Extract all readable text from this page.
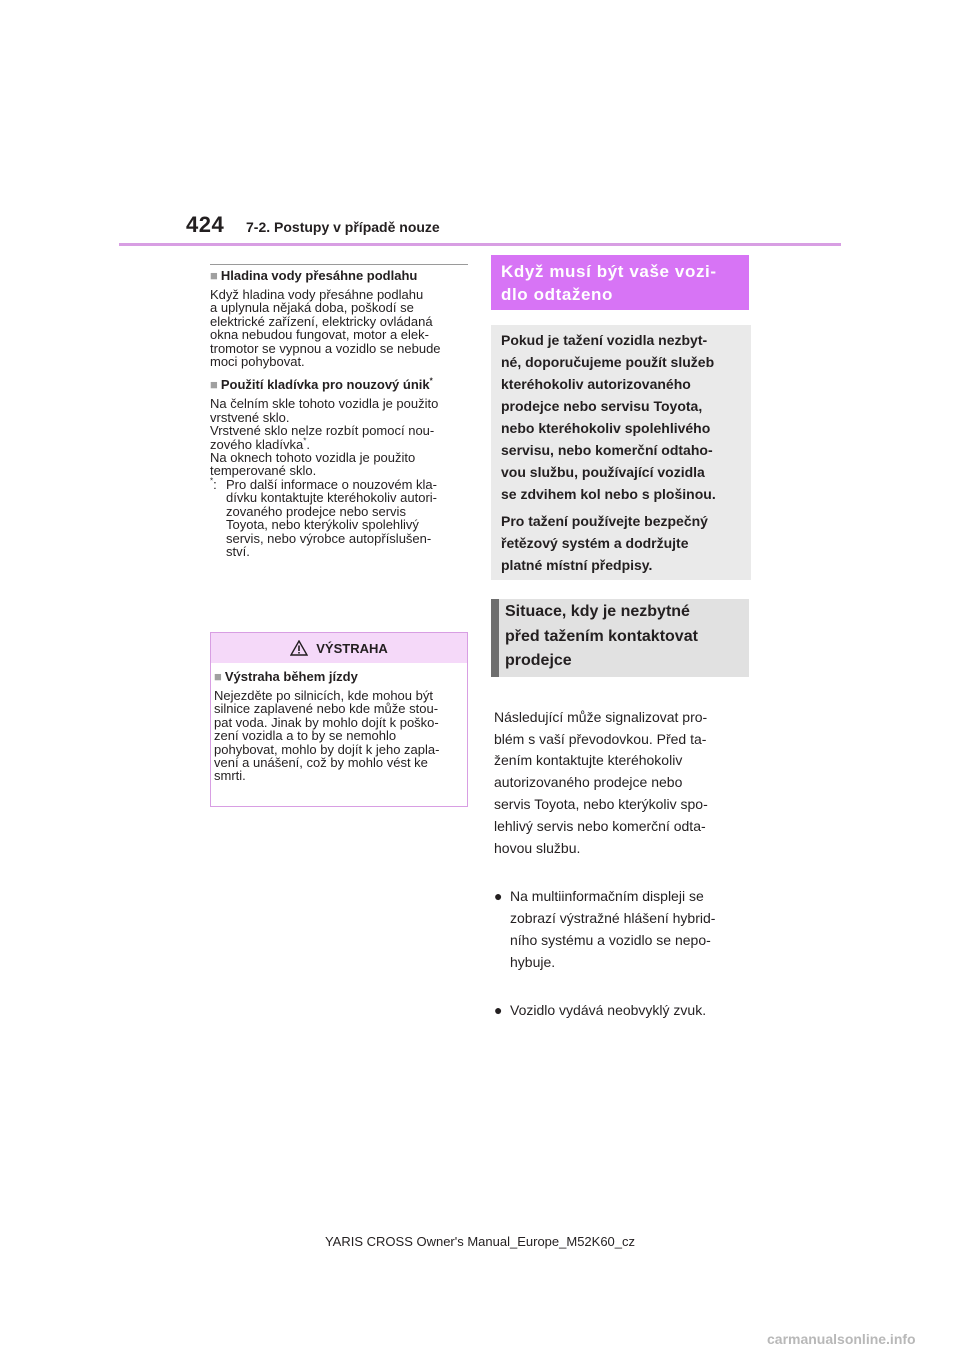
424 7-2. Postupy v případě nouze
■ Hladina vody přesáhne podlahu

Když hladina vody přesáhne podlahu
a uplynula nějaká doba, poškodí se
elektrické zařízení, elektricky ovládaná
okna nebudou fungovat, motor a elek-
tromotor se vypnou a vozidlo se nebude
moci pohybovat.

■ Použití kladívka pro nouzový únik*

Na čelním skle tohoto vozidla je použito
vrstvené sklo.

Vrstvené sklo nelze rozbít pomocí nou-
zového kladívka*.

Na oknech tohoto vozidla je použito
temperované sklo.

*: Pro další informace o nouzovém kla-
dívku kontaktujte kteréhokoliv autori-
zovaného prodejce nebo servis
Toyota, nebo kterýkoliv spolehlivý
servis, nebo výrobce autopříslušen-
ství.
VÝSTRAHA
■ Výstraha během jízdy

Nejezděte po silnicích, kde mohou být
silnice zaplavené nebo kde může stou-
pat voda. Jinak by mohlo dojít k poško-
zení vozidla a to by se nemohlo
pohybovat, mohlo by dojít k jeho zapla-
vení a unášení, což by mohlo vést ke
smrti.

Když musí být vaše vozi-
dlo odtaženo

Pokud je tažení vozidla nezbyt-
né, doporučujeme použít služeb
kteréhokoliv autorizovaného
prodejce nebo servisu Toyota,
nebo kteréhokoliv spolehlivého
servisu, nebo komerční odtaho-
vou službu, používající vozidla
se zdvihem kol nebo s plošinou.

Pro tažení používejte bezpečný
řetězový systém a dodržujte
platné místní předpisy.

Situace, kdy je nezbytné
před tažením kontaktovat
prodejce

Následující může signalizovat pro-
blém s vaší převodovkou. Před ta-
žením kontaktujte kteréhokoliv
autorizovaného prodejce nebo
servis Toyota, nebo kterýkoliv spo-
lehlivý servis nebo komerční odta-
hovou službu.

● Na multiinformačním displeji se
zobrazí výstražné hlášení hybrid-
ního systému a vozidlo se nepo-
hybuje.

● Vozidlo vydává neobvyklý zvuk.

YARIS CROSS Owner's Manual_Europe_M52K60_cz
carmanualsonline.info
